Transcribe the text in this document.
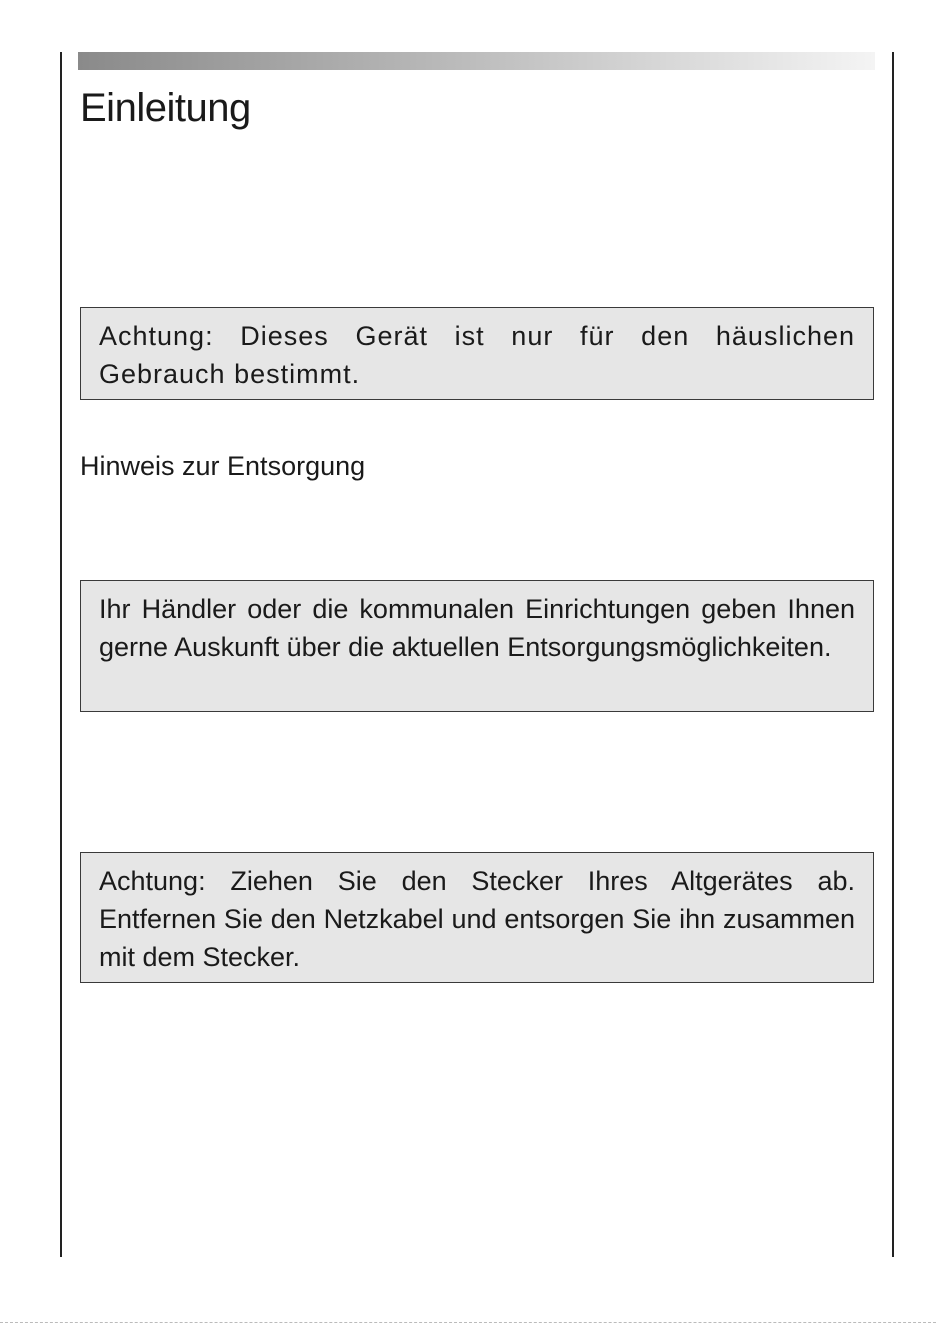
Einleitung
Achtung: Dieses Gerät ist nur für den häuslichen Gebrauch bestimmt.
Hinweis zur Entsorgung
Ihr Händler oder die kommunalen Einrichtungen geben Ihnen gerne Auskunft über die aktuellen Entsorgungsmöglichkeiten.
Achtung: Ziehen Sie den Stecker Ihres Altgerätes ab. Entfernen Sie den Netzkabel und entsorgen Sie ihn zusammen mit dem Stecker.
